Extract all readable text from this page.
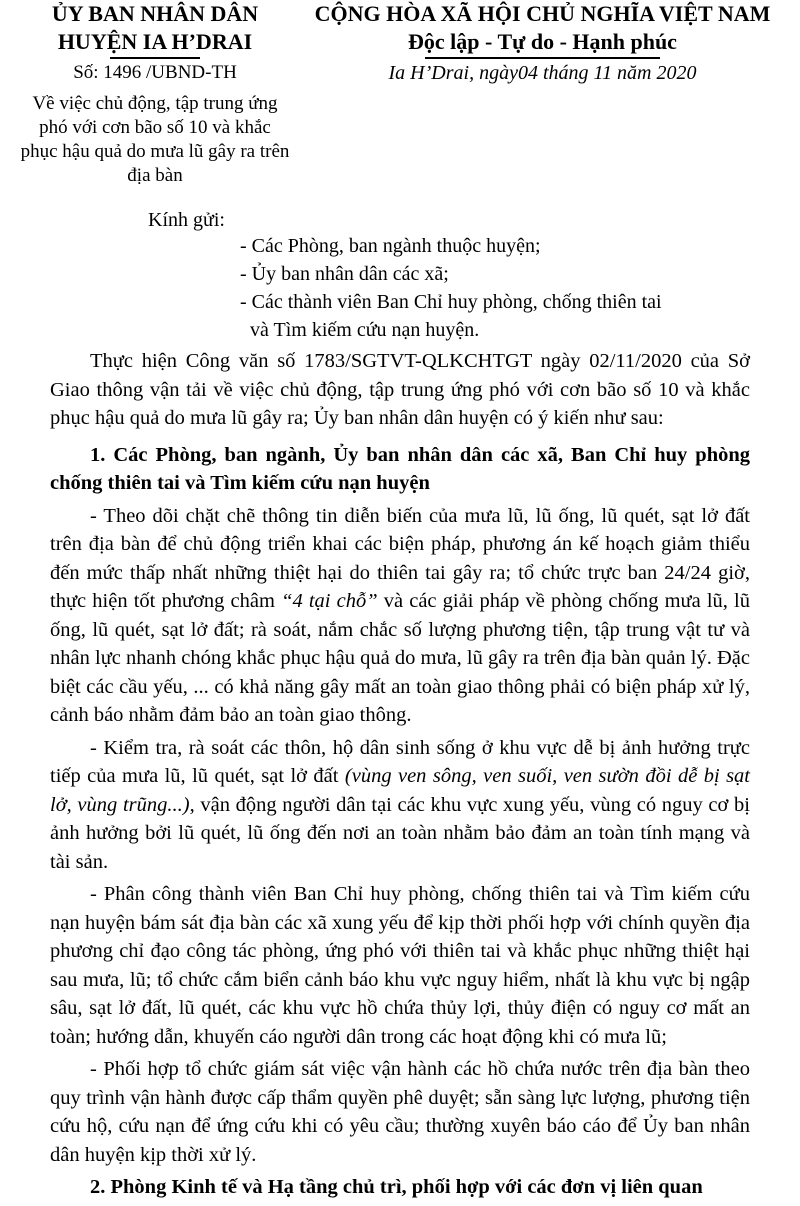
ỦY BAN NHÂN DÂN
HUYỆN IA H’DRAI
CỘNG HÒA XÃ HỘI CHỦ NGHĨA VIỆT NAM
Độc lập - Tự do - Hạnh phúc
Số: 1496 /UBND-TH	Ia H’Drai, ngày04 tháng 11 năm 2020
Về việc chủ động, tập trung ứng phó với cơn bão số 10 và khắc phục hậu quả do mưa lũ gây ra trên địa bàn
Kính gửi:
- Các Phòng, ban ngành thuộc huyện;
- Ủy ban nhân dân các xã;
- Các thành viên Ban Chỉ huy phòng, chống thiên tai
và Tìm kiếm cứu nạn huyện.

Thực hiện Công văn số 1783/SGTVT-QLKCHTGT ngày 02/11/2020 của Sở Giao thông vận tải về việc chủ động, tập trung ứng phó với cơn bão số 10 và khắc phục hậu quả do mưa lũ gây ra; Ủy ban nhân dân huyện có ý kiến như sau:

1. Các Phòng, ban ngành, Ủy ban nhân dân các xã, Ban Chỉ huy phòng chống thiên tai và Tìm kiếm cứu nạn huyện

- Theo dõi chặt chẽ thông tin diễn biến của mưa lũ, lũ ống, lũ quét, sạt lở đất trên địa bàn để chủ động triển khai các biện pháp, phương án kế hoạch giảm thiểu đến mức thấp nhất những thiệt hại do thiên tai gây ra; tổ chức trực ban 24/24 giờ, thực hiện tốt phương châm “4 tại chỗ” và các giải pháp về phòng chống mưa lũ, lũ ống, lũ quét, sạt lở đất; rà soát, nắm chắc số lượng phương tiện, tập trung vật tư và nhân lực nhanh chóng khắc phục hậu quả do mưa, lũ gây ra trên địa bàn quản lý. Đặc biệt các cầu yếu, ... có khả năng gây mất an toàn giao thông phải có biện pháp xử lý, cảnh báo nhằm đảm bảo an toàn giao thông.

- Kiểm tra, rà soát các thôn, hộ dân sinh sống ở khu vực dễ bị ảnh hưởng trực tiếp của mưa lũ, lũ quét, sạt lở đất (vùng ven sông, ven suối, ven sườn đồi dễ bị sạt lở, vùng trũng...), vận động người dân tại các khu vực xung yếu, vùng có nguy cơ bị ảnh hưởng bởi lũ quét, lũ ống đến nơi an toàn nhằm bảo đảm an toàn tính mạng và tài sản.

- Phân công thành viên Ban Chỉ huy phòng, chống thiên tai và Tìm kiếm cứu nạn huyện bám sát địa bàn các xã xung yếu để kịp thời phối hợp với chính quyền địa phương chỉ đạo công tác phòng, ứng phó với thiên tai và khắc phục những thiệt hại sau mưa, lũ; tổ chức cắm biển cảnh báo khu vực nguy hiểm, nhất là khu vực bị ngập sâu, sạt lở đất, lũ quét, các khu vực hồ chứa thủy lợi, thủy điện có nguy cơ mất an toàn; hướng dẫn, khuyến cáo người dân trong các hoạt động khi có mưa lũ;

- Phối hợp tổ chức giám sát việc vận hành các hồ chứa nước trên địa bàn theo quy trình vận hành được cấp thẩm quyền phê duyệt; sẵn sàng lực lượng, phương tiện cứu hộ, cứu nạn để ứng cứu khi có yêu cầu; thường xuyên báo cáo để Ủy ban nhân dân huyện kịp thời xử lý.

2. Phòng Kinh tế và Hạ tầng chủ trì, phối hợp với các đơn vị liên quan
